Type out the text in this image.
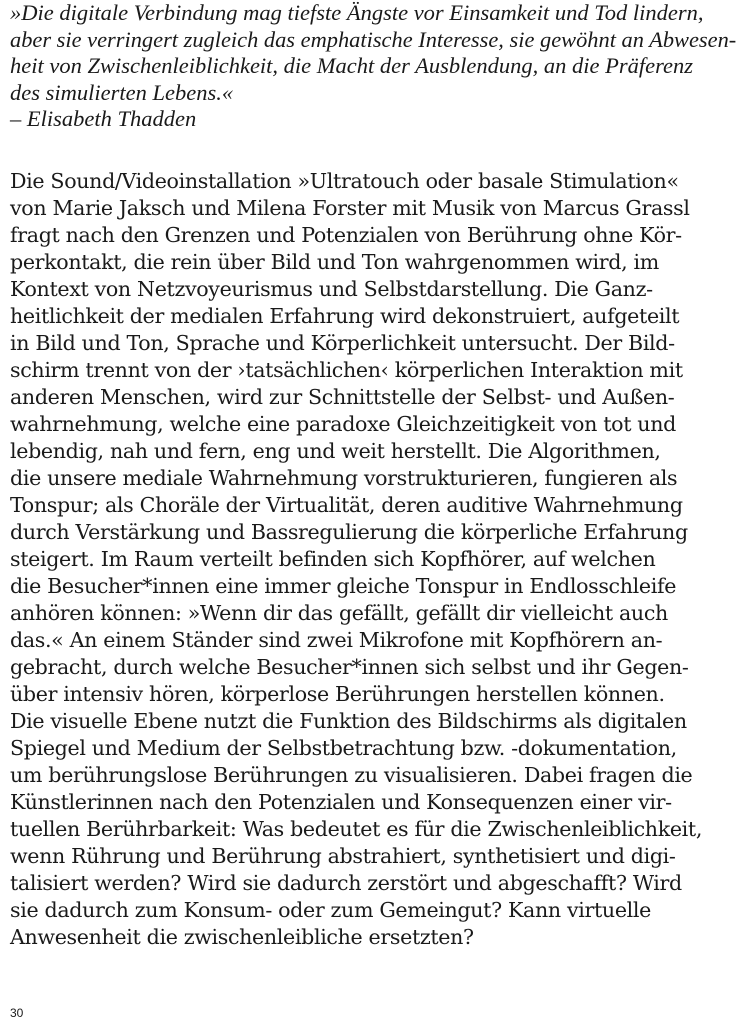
»Die digitale Verbindung mag tiefste Ängste vor Einsamkeit und Tod lindern,
aber sie verringert zugleich das emphatische Interesse, sie gewöhnt an Abwesen-
heit von Zwischenleiblichkeit, die Macht der Ausblendung, an die Präferenz
des simulierten Lebens.«
– Elisabeth Thadden
Die Sound/Videoinstallation »Ultratouch oder basale Stimulation«
von Marie Jaksch und Milena Forster mit Musik von Marcus Grassl
fragt nach den Grenzen und Potenzialen von Berührung ohne Kör-
perkontakt, die rein über Bild und Ton wahrgenommen wird, im
Kontext von Netzvoyeurismus und Selbstdarstellung. Die Ganz-
heitlichkeit der medialen Erfahrung wird dekonstruiert, aufgeteilt
in Bild und Ton, Sprache und Körperlichkeit untersucht. Der Bild-
schirm trennt von der ›tatsächlichen‹ körperlichen Interaktion mit
anderen Menschen, wird zur Schnittstelle der Selbst- und Außen-
wahrnehmung, welche eine paradoxe Gleichzeitigkeit von tot und
lebendig, nah und fern, eng und weit herstellt. Die Algorithmen,
die unsere mediale Wahrnehmung vorstrukturieren, fungieren als
Tonspur; als Choräle der Virtualität, deren auditive Wahrnehmung
durch Verstärkung und Bassregulierung die körperliche Erfahrung
steigert. Im Raum verteilt befinden sich Kopfhörer, auf welchen
die Besucher*innen eine immer gleiche Tonspur in Endlosschleife
anhören können: »Wenn dir das gefällt, gefällt dir vielleicht auch
das.« An einem Ständer sind zwei Mikrofone mit Kopfhörern an-
gebracht, durch welche Besucher*innen sich selbst und ihr Gegen-
über intensiv hören, körperlose Berührungen herstellen können.
Die visuelle Ebene nutzt die Funktion des Bildschirms als digitalen
Spiegel und Medium der Selbstbetrachtung bzw. -dokumentation,
um berührungslose Berührungen zu visualisieren. Dabei fragen die
Künstlerinnen nach den Potenzialen und Konsequenzen einer vir-
tuellen Berührbarkeit: Was bedeutet es für die Zwischenleiblichkeit,
wenn Rührung und Berührung abstrahiert, synthetisiert und digi-
talisiert werden? Wird sie dadurch zerstört und abgeschafft? Wird
sie dadurch zum Konsum- oder zum Gemeingut? Kann virtuelle
Anwesenheit die zwischenleibliche ersetzten?
30
